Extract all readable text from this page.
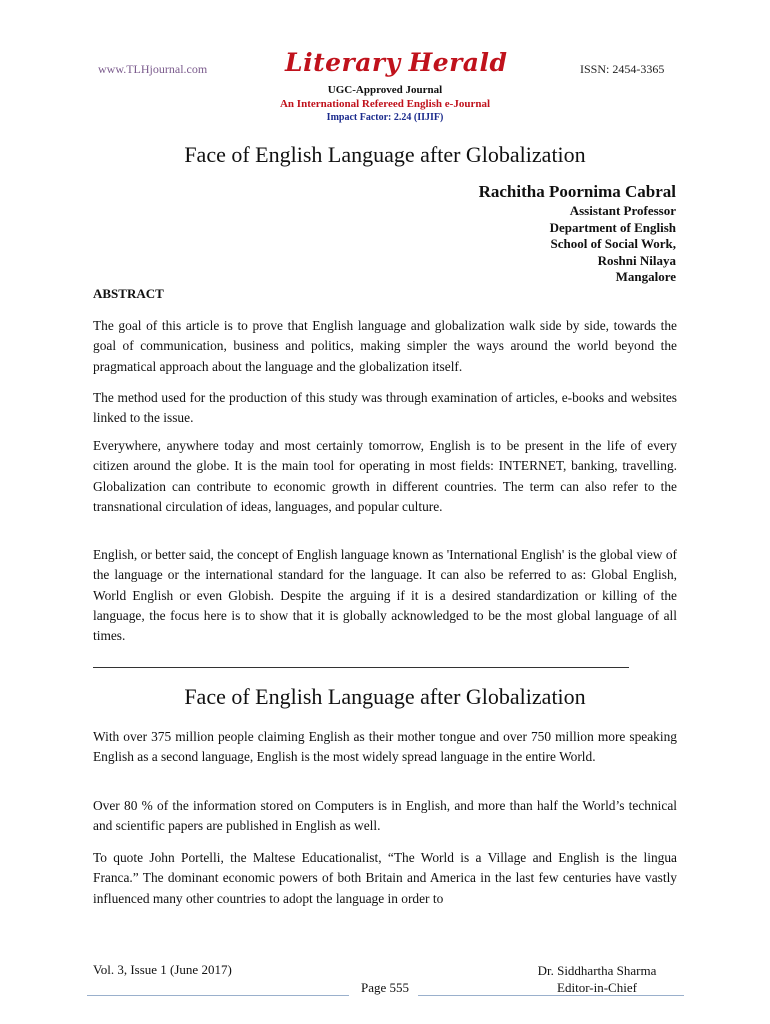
www.TLHjournal.com	Literary Herald	ISSN: 2454-3365
UGC-Approved Journal
An International Refereed English e-Journal
Impact Factor: 2.24 (IIJIF)
Face of English Language after Globalization
Rachitha Poornima Cabral
Assistant Professor
Department of English
School of Social Work,
Roshni Nilaya
Mangalore
ABSTRACT

The goal of this article is to prove that English language and globalization walk side by side, towards the goal of communication, business and politics, making simpler the ways around the world beyond the pragmatical approach about the language and the globalization itself.

The method used for the production of this study was through examination of articles, e-books and websites linked to the issue.

Everywhere, anywhere today and most certainly tomorrow, English is to be present in the life of every citizen around the globe. It is the main tool for operating in most fields: INTERNET, banking, travelling. Globalization can contribute to economic growth in different countries. The term can also refer to the transnational circulation of ideas, languages, and popular culture.

English, or better said, the concept of English language known as 'International English' is the global view of the language or the international standard for the language. It can also be referred to as: Global English, World English or even Globish. Despite the arguing if it is a desired standardization or killing of the language, the focus here is to show that it is globally acknowledged to be the most global language of all times.

Face of English Language after Globalization

With over 375 million people claiming English as their mother tongue and over 750 million more speaking English as a second language, English is the most widely spread language in the entire World.

Over 80 % of the information stored on Computers is in English, and more than half the World’s technical and scientific papers are published in English as well.

To quote John Portelli, the Maltese Educationalist, “The World is a Village and English is the lingua Franca.” The dominant economic powers of both Britain and America in the last few centuries have vastly influenced many other countries to adopt the language in order to

Vol. 3, Issue 1 (June 2017)	Dr. Siddhartha Sharma
Editor-in-Chief
Page 555
